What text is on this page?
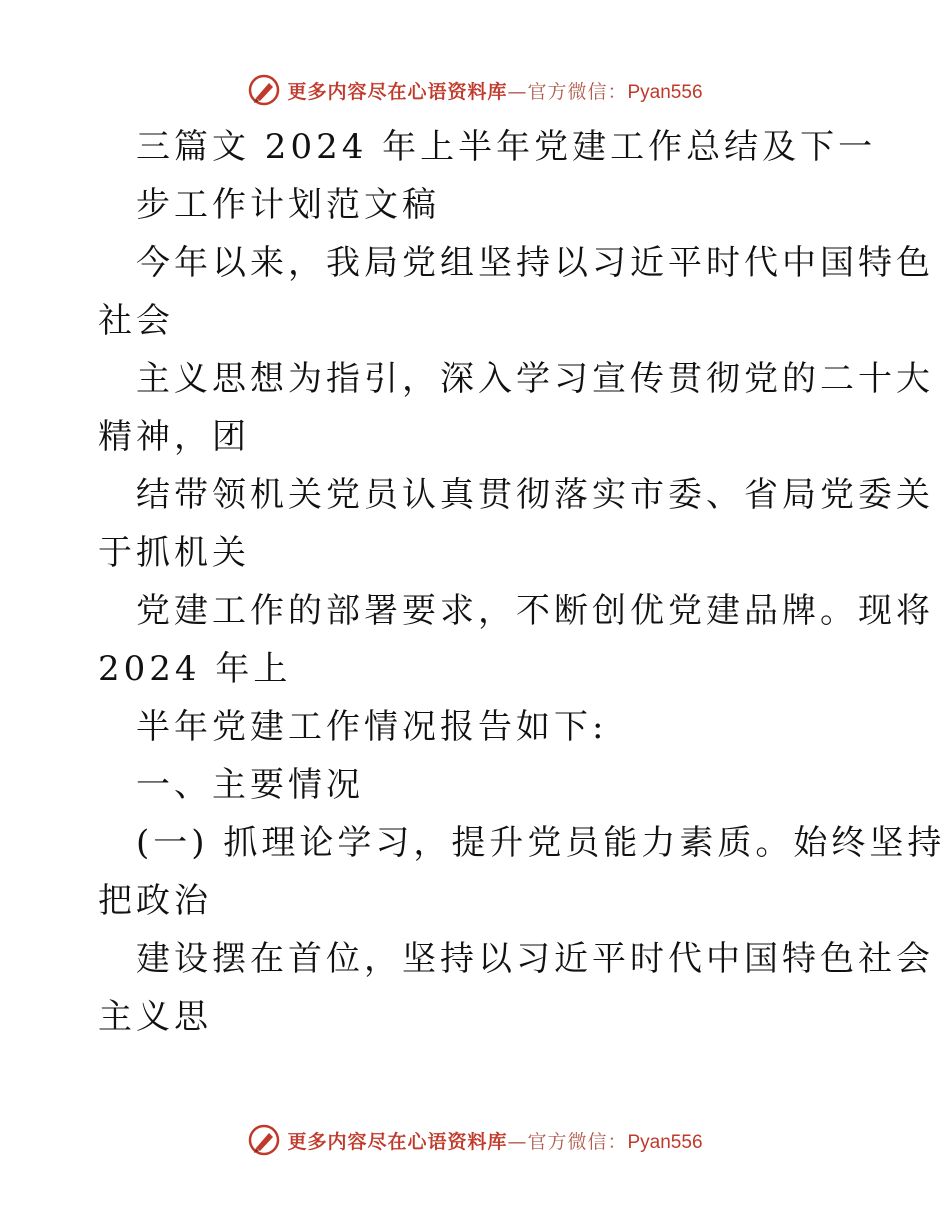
更多内容尽在心语资料库—官方微信：Pyan556
三篇文 2024 年上半年党建工作总结及下一
步工作计划范文稿
今年以来，我局党组坚持以习近平时代中国特色
社会
主义思想为指引，深入学习宣传贯彻党的二十大
精神，团
结带领机关党员认真贯彻落实市委、省局党委关
于抓机关
党建工作的部署要求，不断创优党建品牌。现将
2024 年上
半年党建工作情况报告如下:
一、主要情况
(一) 抓理论学习，提升党员能力素质。始终坚持
把政治
建设摆在首位，坚持以习近平时代中国特色社会
主义思
更多内容尽在心语资料库—官方微信：Pyan556
